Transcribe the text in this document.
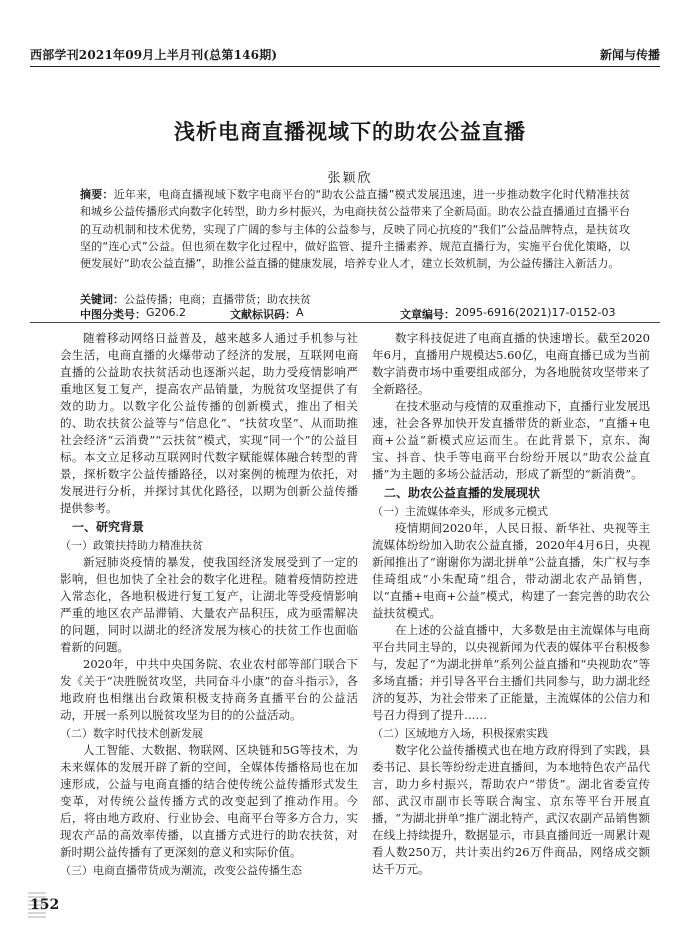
西部学刊2021年09月上半月刊(总第146期)	新闻与传播
浅析电商直播视域下的助农公益直播
张颖欣
摘要：近年来，电商直播视域下数字电商平台的“助农公益直播”模式发展迅速，进一步推动数字化时代精准扶贫和城乡公益传播形式向数字化转型，助力乡村振兴，为电商扶贫公益带来了全新局面。助农公益直播通过直播平台的互动机制和技术优势，实现了广阔的参与主体的公益参与，反映了同心抗疫的“我们”公益品牌特点，是扶贫攻坚的“连心式”公益。但也须在数字化过程中，做好监管、提升主播素养、规范直播行为，实施平台优化策略，以便发展好“助农公益直播”，助推公益直播的健康发展，培养专业人才，建立长效机制，为公益传播注入新活力。
关键词：公益传播；电商；直播带货；助农扶贫
中图分类号： G206.2	文献标识码： A	文章编号： 2095-6916(2021)17-0152-03

随着移动网络日益普及，越来越多人通过手机参与社会生活，电商直播的火爆带动了经济的发展，互联网电商直播的公益助农扶贫活动也逐渐兴起，助力受疫情影响严重地区复工复产，提高农产品销量，为脱贫攻坚提供了有效的助力。以数字化公益传播的创新模式，推出了相关的、助农扶贫公益等与“信息化”、“扶贫攻坚”、从而助推社会经济“云消费”“云扶贫”模式，实现“同一个”的公益目标。本文立足移动互联网时代数字赋能媒体融合转型的背景，探析数字公益传播路径，以对案例的梳理为依托，对发展进行分析，并探讨其优化路径，以期为创新公益传播提供参考。

一、研究背景

（一）政策扶持助力精准扶贫

新冠肺炎疫情的暴发，使我国经济发展受到了一定的影响，但也加快了全社会的数字化进程。随着疫情防控进入常态化，各地积极进行复工复产，让湖北等受疫情影响严重的地区农产品滞销、大量农产品积压，成为亟需解决的问题，同时以湖北的经济发展为核心的扶贫工作也面临着新的问题。

2020年，中共中央国务院、农业农村部等部门联合下发《关于“决胜脱贫攻坚，共同奋斗小康”的奋斗指示》，各地政府也相继出台政策积极支持商务直播平台的公益活动，开展一系列以脱贫攻坚为目的的公益活动。

（二）数字时代技术创新发展

人工智能、大数据、物联网、区块链和5G等技术，为未来媒体的发展开辟了新的空间，全媒体传播格局也在加速形成，公益与电商直播的结合使传统公益传播形式发生变革，对传统公益传播方式的改变起到了推动作用。今后，将由地方政府、行业协会、电商平台等多方合力，实现农产品的高效率传播，以直播方式进行的助农扶贫，对新时期公益传播有了更深刻的意义和实际价值。

（三）电商直播带货成为潮流，改变公益传播生态

数字科技促进了电商直播的快速增长。截至2020年6月，直播用户规模达5.60亿，电商直播已成为当前数字消费市场中重要组成部分，为各地脱贫攻坚带来了全新路径。

在技术驱动与疫情的双重推动下，直播行业发展迅速，社会各界加快开发直播带货的新业态，“直播+电商+公益”新模式应运而生。在此背景下，京东、淘宝、抖音、快手等电商平台纷纷开展以“助农公益直播”为主题的多场公益活动，形成了新型的“新消费”。

二、助农公益直播的发展现状

（一）主流媒体牵头，形成多元模式

疫情期间2020年，人民日报、新华社、央视等主流媒体纷纷加入助农公益直播，2020年4月6日，央视新闻推出了“谢谢你为湖北拼单”公益直播，朱广权与李佳琦组成“小朱配琦”组合，带动湖北农产品销售，以“直播+电商+公益”模式，构建了一套完善的助农公益扶贫模式。

在上述的公益直播中，大多数是由主流媒体与电商平台共同主导的，以央视新闻为代表的媒体平台积极参与，发起了“为湖北拼单”系列公益直播和“央视助农”等多场直播；并引导各平台主播们共同参与，助力湖北经济的复苏，为社会带来了正能量，主流媒体的公信力和号召力得到了提升……

（二）区域地方入场，积极探索实践

数字化公益传播模式也在地方政府得到了实践，县委书记、县长等纷纷走进直播间，为本地特色农产品代言，助力乡村振兴，帮助农户“带货”。湖北省委宣传部、武汉市副市长等联合淘宝、京东等平台开展直播，“为湖北拼单”推广湖北特产，武汉农副产品销售额在线上持续提升，数据显示，市县直播间近一周累计观看人数250万，共计卖出约26万件商品，网络成交额达千万元。

152
